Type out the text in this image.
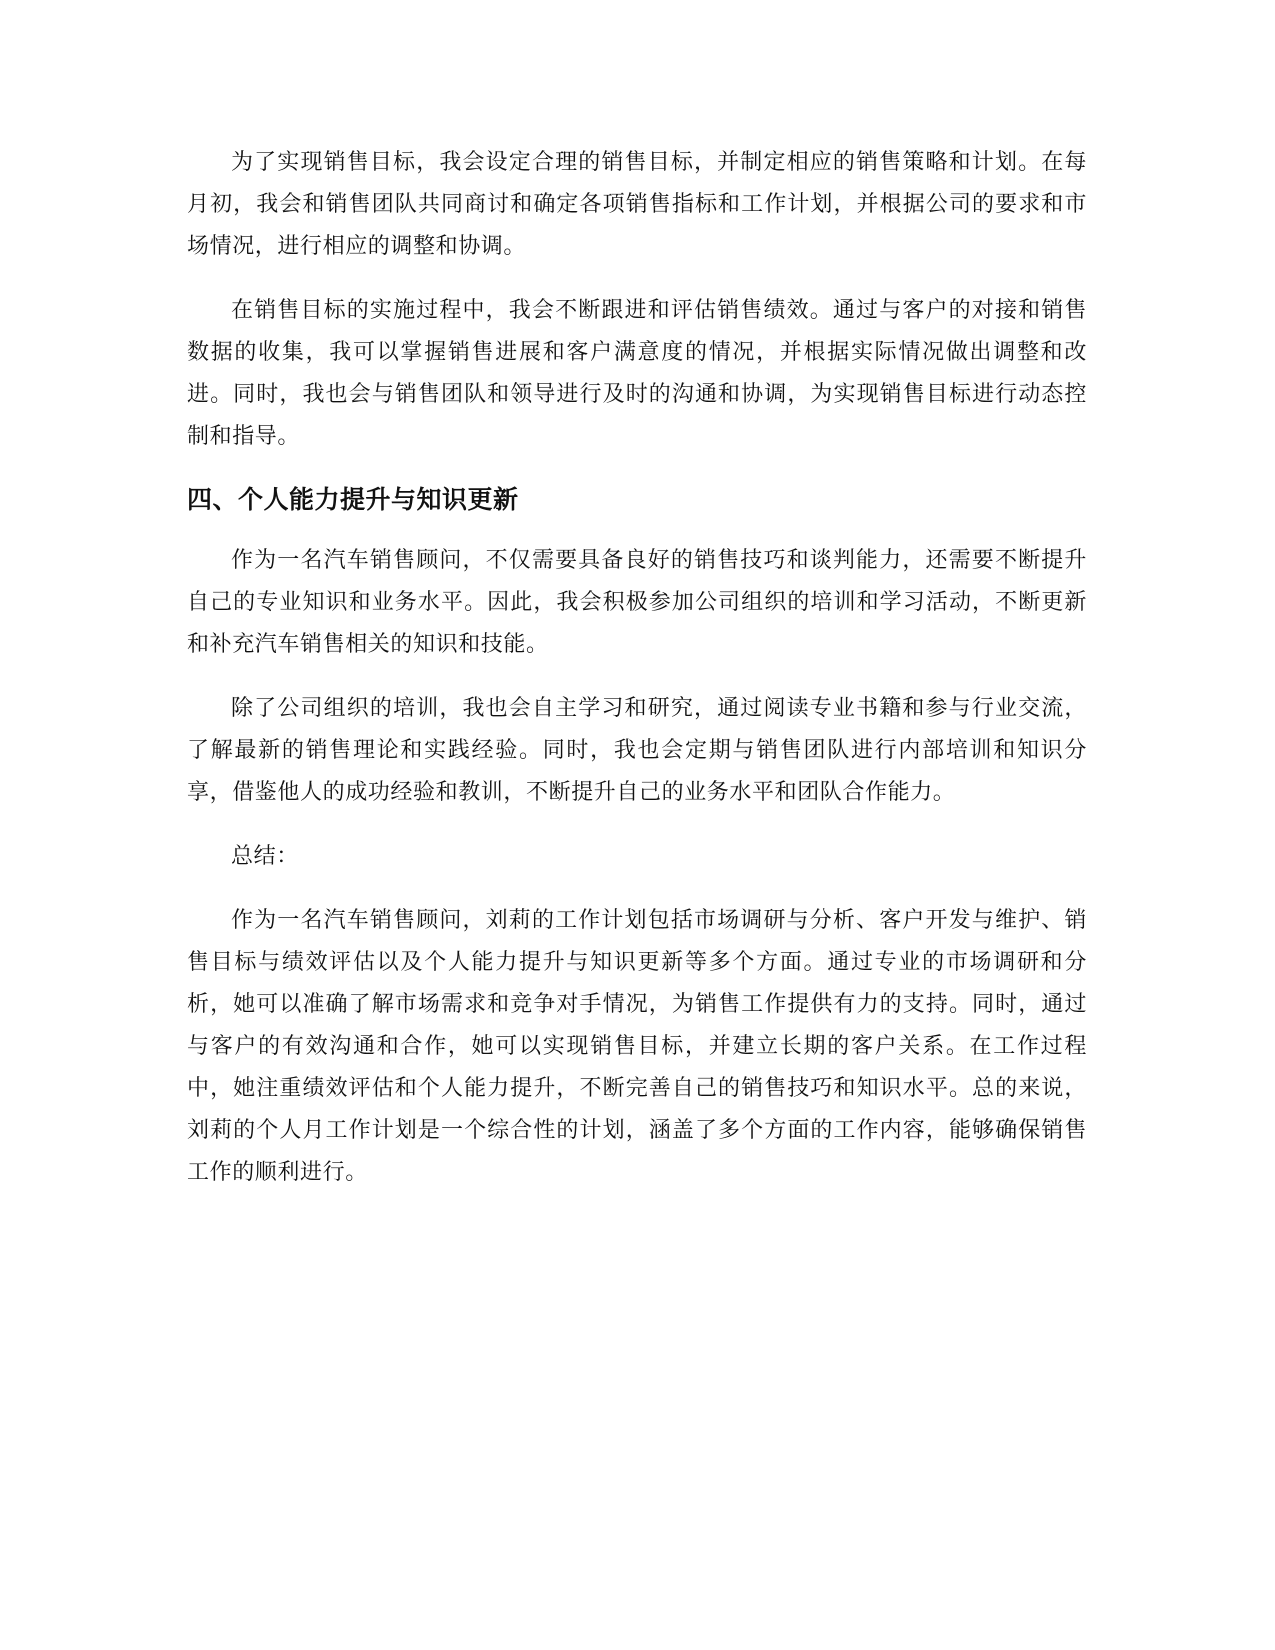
为了实现销售目标，我会设定合理的销售目标，并制定相应的销售策略和计划。在每月初，我会和销售团队共同商讨和确定各项销售指标和工作计划，并根据公司的要求和市场情况，进行相应的调整和协调。

在销售目标的实施过程中，我会不断跟进和评估销售绩效。通过与客户的对接和销售数据的收集，我可以掌握销售进展和客户满意度的情况，并根据实际情况做出调整和改进。同时，我也会与销售团队和领导进行及时的沟通和协调，为实现销售目标进行动态控制和指导。

四、个人能力提升与知识更新

作为一名汽车销售顾问，不仅需要具备良好的销售技巧和谈判能力，还需要不断提升自己的专业知识和业务水平。因此，我会积极参加公司组织的培训和学习活动，不断更新和补充汽车销售相关的知识和技能。

除了公司组织的培训，我也会自主学习和研究，通过阅读专业书籍和参与行业交流，了解最新的销售理论和实践经验。同时，我也会定期与销售团队进行内部培训和知识分享，借鉴他人的成功经验和教训，不断提升自己的业务水平和团队合作能力。

总结：

作为一名汽车销售顾问，刘莉的工作计划包括市场调研与分析、客户开发与维护、销售目标与绩效评估以及个人能力提升与知识更新等多个方面。通过专业的市场调研和分析，她可以准确了解市场需求和竞争对手情况，为销售工作提供有力的支持。同时，通过与客户的有效沟通和合作，她可以实现销售目标，并建立长期的客户关系。在工作过程中，她注重绩效评估和个人能力提升，不断完善自己的销售技巧和知识水平。总的来说，刘莉的个人月工作计划是一个综合性的计划，涵盖了多个方面的工作内容，能够确保销售工作的顺利进行。
